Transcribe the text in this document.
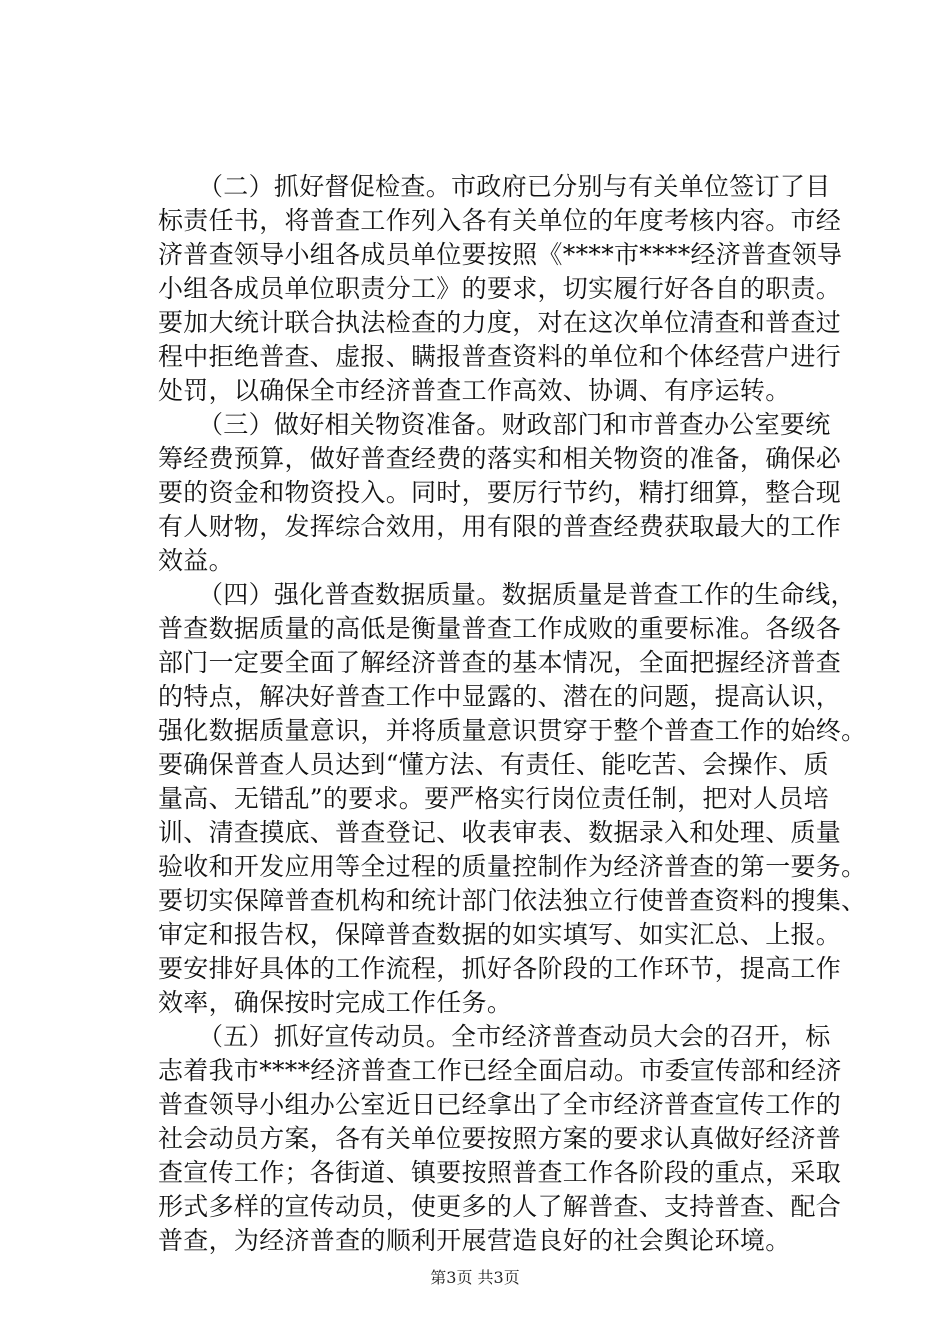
（二）抓好督促检查。市政府已分别与有关单位签订了目
标责任书，将普查工作列入各有关单位的年度考核内容。市经
济普查领导小组各成员单位要按照《****市****经济普查领导
小组各成员单位职责分工》的要求，切实履行好各自的职责。
要加大统计联合执法检查的力度，对在这次单位清查和普查过
程中拒绝普查、虚报、瞒报普查资料的单位和个体经营户进行
处罚，以确保全市经济普查工作高效、协调、有序运转。
（三）做好相关物资准备。财政部门和市普查办公室要统
筹经费预算，做好普查经费的落实和相关物资的准备，确保必
要的资金和物资投入。同时，要厉行节约，精打细算，整合现
有人财物，发挥综合效用，用有限的普查经费获取最大的工作
效益。
（四）强化普查数据质量。数据质量是普查工作的生命线，
普查数据质量的高低是衡量普查工作成败的重要标准。各级各
部门一定要全面了解经济普查的基本情况，全面把握经济普查
的特点，解决好普查工作中显露的、潜在的问题，提高认识，
强化数据质量意识，并将质量意识贯穿于整个普查工作的始终。
要确保普查人员达到“懂方法、有责任、能吃苦、会操作、质
量高、无错乱”的要求。要严格实行岗位责任制，把对人员培
训、清查摸底、普查登记、收表审表、数据录入和处理、质量
验收和开发应用等全过程的质量控制作为经济普查的第一要务。
要切实保障普查机构和统计部门依法独立行使普查资料的搜集、
审定和报告权，保障普查数据的如实填写、如实汇总、上报。
要安排好具体的工作流程，抓好各阶段的工作环节，提高工作
效率，确保按时完成工作任务。
（五）抓好宣传动员。全市经济普查动员大会的召开，标
志着我市****经济普查工作已经全面启动。市委宣传部和经济
普查领导小组办公室近日已经拿出了全市经济普查宣传工作的
社会动员方案，各有关单位要按照方案的要求认真做好经济普
查宣传工作；各街道、镇要按照普查工作各阶段的重点，采取
形式多样的宣传动员，使更多的人了解普查、支持普查、配合
普查，为经济普查的顺利开展营造良好的社会舆论环境。
第3页 共3页
